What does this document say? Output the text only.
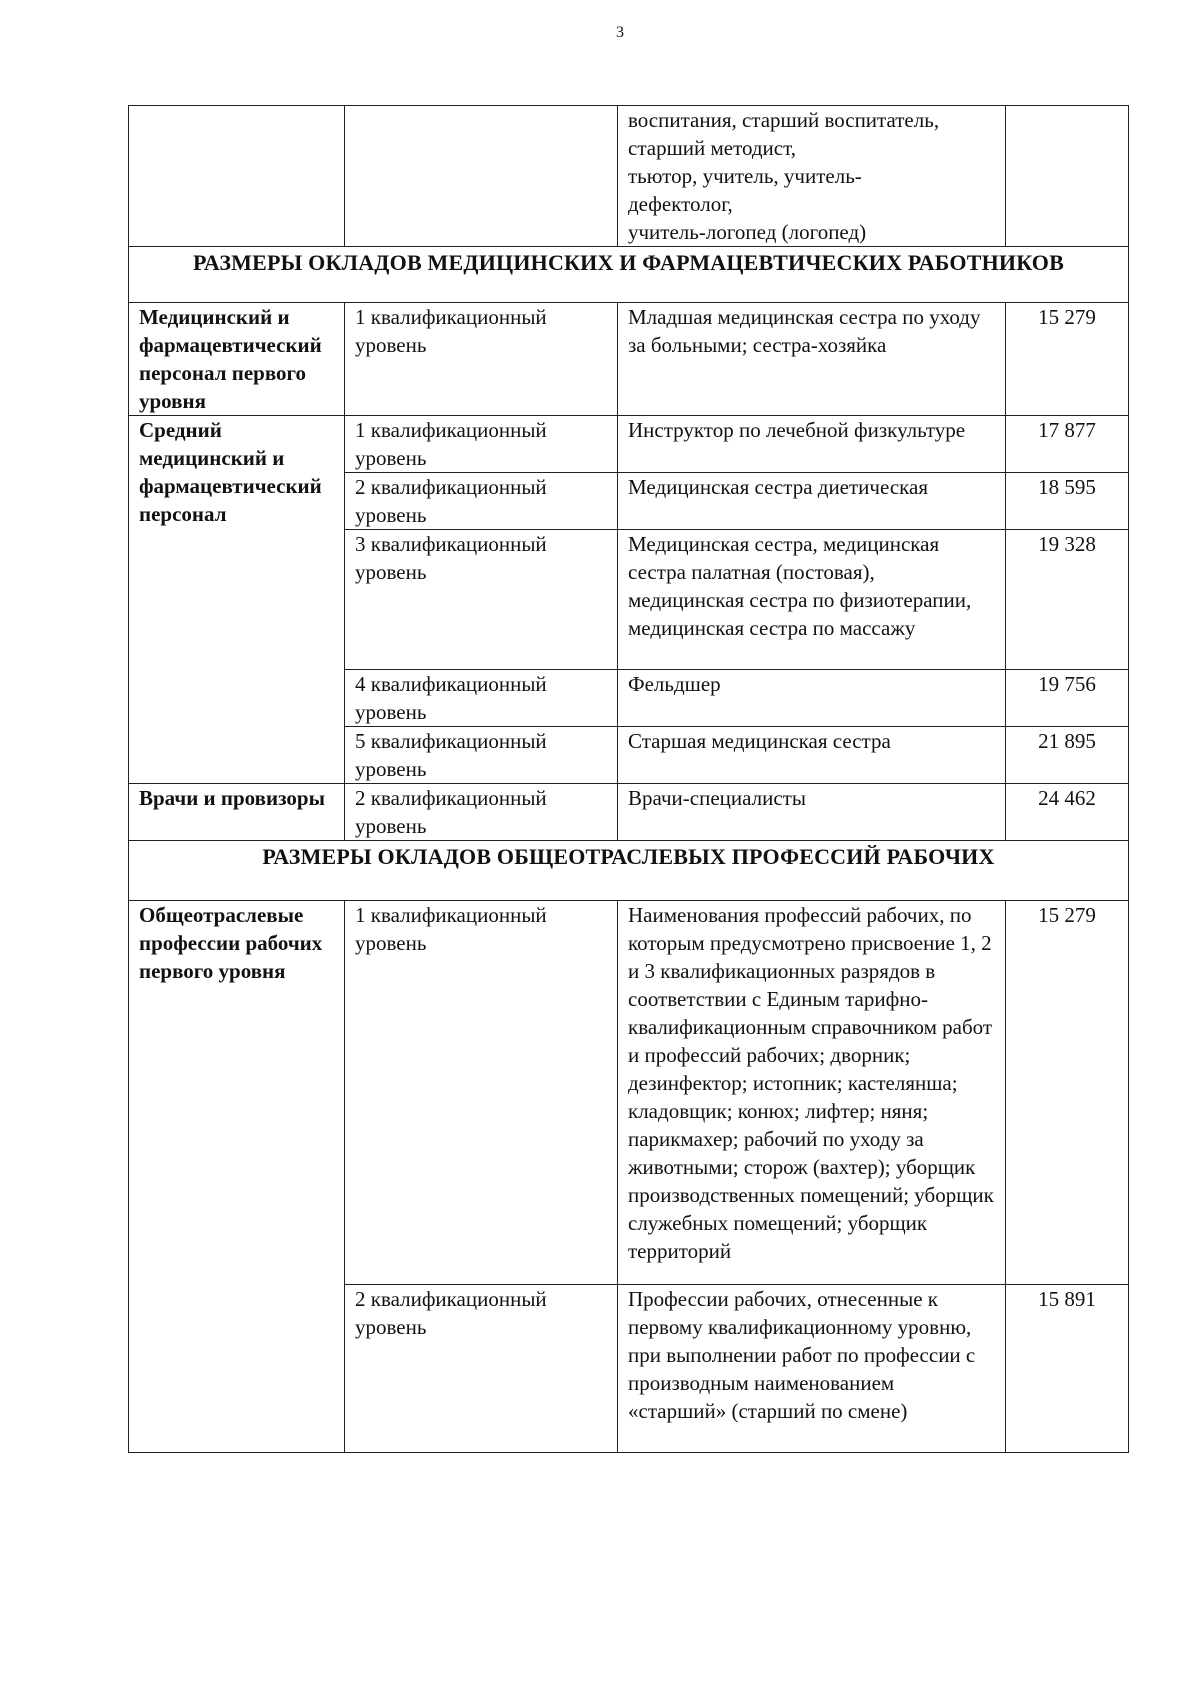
3

		воспитания, старший воспитатель,
старший методист,
тьютор, учитель, учитель-
дефектолог,
учитель-логопед (логопед)	

РАЗМЕРЫ ОКЛАДОВ МЕДИЦИНСКИХ И ФАРМАЦЕВТИЧЕСКИХ РАБОТНИКОВ			
Медицинский и фармацевтический персонал первого уровня	1 квалификационный уровень	Младшая медицинская сестра по уходу за больными; сестра-хозяйка	15 279
Средний медицинский и фармацевтический персонал	1 квалификационный уровень	Инструктор по лечебной физкультуре	17 877
	2 квалификационный уровень	Медицинская сестра диетическая	18 595
	3 квалификационный уровень	Медицинская сестра, медицинская сестра палатная (постовая), медицинская сестра по физиотерапии, медицинская сестра по массажу	19 328
	4 квалификационный уровень	Фельдшер	19 756
	5 квалификационный уровень	Старшая медицинская сестра	21 895
Врачи и провизоры	2 квалификационный уровень	Врачи-специалисты	24 462
РАЗМЕРЫ ОКЛАДОВ ОБЩЕОТРАСЛЕВЫХ ПРОФЕССИЙ РАБОЧИХ			
Общеотраслевые профессии рабочих первого уровня	1 квалификационный уровень	Наименования профессий рабочих, по которым предусмотрено присвоение 1, 2 и 3 квалификационных разрядов в соответствии с Единым тарифно-квалификационным справочником работ и профессий рабочих; дворник; дезинфектор; истопник; кастелянша; кладовщик; конюх; лифтер; няня; парикмахер; рабочий по уходу за животными; сторож (вахтер); уборщик производственных помещений; уборщик служебных помещений; уборщик территорий	15 279
	2 квалификационный уровень	Профессии рабочих, отнесенные к первому квалификационному уровню, при выполнении работ по профессии с производным наименованием «старший» (старший по смене)	15 891
